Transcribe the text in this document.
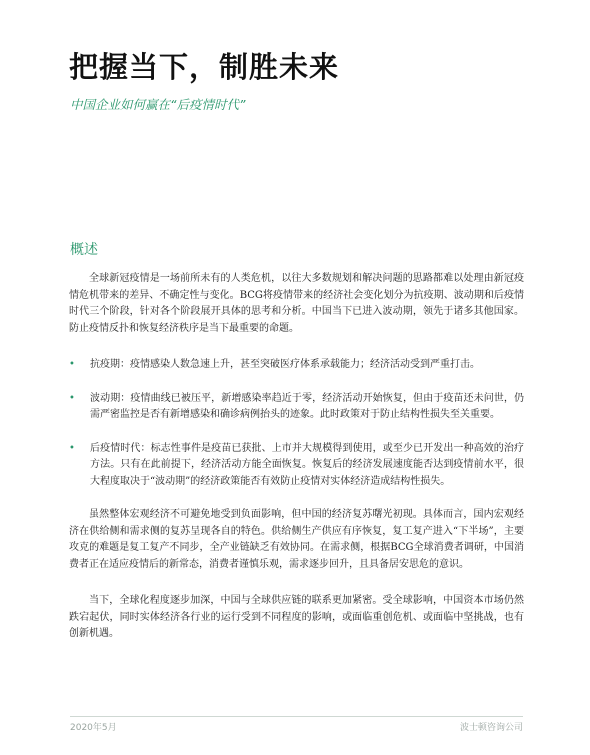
把握当下，制胜未来

中国企业如何赢在“后疫情时代”

概述

全球新冠疫情是一场前所未有的人类危机，以往大多数规划和解决问题的思路都难以处理由新冠疫情危机带来的差异、不确定性与变化。BCG将疫情带来的经济社会变化划分为抗疫期、波动期和后疫情时代三个阶段，针对各个阶段展开具体的思考和分析。中国当下已进入波动期，领先于诸多其他国家。防止疫情反扑和恢复经济秩序是当下最重要的命题。

• 抗疫期：疫情感染人数急速上升，甚至突破医疗体系承载能力；经济活动受到严重打击。
• 波动期：疫情曲线已被压平，新增感染率趋近于零，经济活动开始恢复，但由于疫苗还未问世，仍需严密监控是否有新增感染和确诊病例抬头的迹象。此时政策对于防止结构性损失至关重要。
• 后疫情时代：标志性事件是疫苗已获批、上市并大规模得到使用，或至少已开发出一种高效的治疗方法。只有在此前提下，经济活动方能全面恢复。恢复后的经济发展速度能否达到疫情前水平，很大程度取决于“波动期”的经济政策能否有效防止疫情对实体经济造成结构性损失。

虽然整体宏观经济不可避免地受到负面影响，但中国的经济复苏曙光初现。具体而言，国内宏观经济在供给侧和需求侧的复苏呈现各自的特色。供给侧生产供应有序恢复，复工复产进入“下半场”，主要攻克的难题是复工复产不同步，全产业链缺乏有效协同。在需求侧，根据BCG全球消费者调研，中国消费者正在适应疫情后的新常态，消费者谨慎乐观，需求逐步回升，且具备居安思危的意识。

当下，全球化程度逐步加深，中国与全球供应链的联系更加紧密。受全球影响，中国资本市场仍然跌宕起伏，同时实体经济各行业的运行受到不同程度的影响，或面临重创危机、或面临中坚挑战，也有创新机遇。

2020年5月	波士顿咨询公司
